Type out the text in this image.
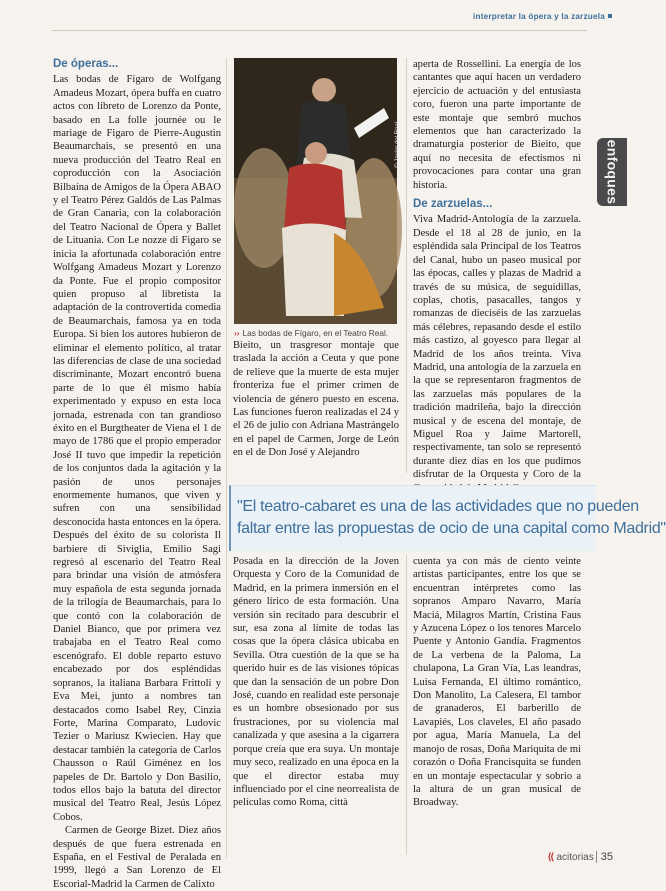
interpretar la ópera y la zarzuela
enfoques
De óperas...

Las bodas de Fígaro de Wolfgang Amadeus Mozart, ópera buffa en cuatro actos con libreto de Lorenzo da Ponte, basado en La folle journée ou le mariage de Figaro de Pierre-Augustin Beaumarchais, se presentó en una nueva producción del Teatro Real en coproducción con la Asociación Bilbaína de Amigos de la Ópera ABAO y el Teatro Pérez Galdós de Las Palmas de Gran Canaria, con la colaboración del Teatro Nacional de Ópera y Ballet de Lituania. Con Le nozze di Figaro se inicia la afortunada colaboración entre Wolfgang Amadeus Mozart y Lorenzo da Ponte. Fue el propio compositor quien propuso al libretista la adaptación de la controvertida comedia de Beaumarchais, famosa ya en toda Europa. Si bien los autores hubieron de eliminar el elemento político, al tratar las diferencias de clase de una sociedad discriminante, Mozart encontró buena parte de lo que él mismo había experimentado y expuso en esta loca jornada, estrenada con tan grandioso éxito en el Burgtheater de Viena el 1 de mayo de 1786 que el propio emperador José II tuvo que impedir la repetición de los conjuntos dada la agitación y la pasión de unos personajes enormemente humanos, que viven y sufren con una sensibilidad desconocida hasta entonces en la ópera. Después del éxito de su colorista Il barbiere di Siviglia, Emilio Sagi regresó al escenario del Teatro Real para brindar una visión de atmósfera muy española de esta segunda jornada de la trilogía de Beaumarchais, para lo que contó con la colaboración de Daniel Bianco, que por primera vez trabajaba en el Teatro Real como escenógrafo. El doble reparto estuvo encabezado por dos espléndidas sopranos, la italiana Barbara Frittoli y Eva Mei, junto a nombres tan destacados como Isabel Rey, Cinzia Forte, Marina Comparato, Ludovic Tezier o Mariusz Kwiecien. Hay que destacar también la categoría de Carlos Chausson o Raúl Giménez en los papeles de Dr. Bartolo y Don Basilio, todos ellos bajo la batuta del director musical del Teatro Real, Jesús López Cobos.

Carmen de George Bizet. Diez años después de que fuera estrenada en España, en el Festival de Peralada en 1999, llegó a San Lorenzo de El Escorial-Madrid la Carmen de Calixto

© Javier del Real
›› Las bodas de Fígaro, en el Teatro Real.

Bieito, un trasgresor montaje que traslada la acción a Ceuta y que pone de relieve que la muerte de esta mujer fronteriza fue el primer crimen de violencia de género puesto en escena. Las funciones fueron realizadas el 24 y el 26 de julio con Adriana Mastrángelo en el papel de Carmen, Jorge de León en el de Don José y Alejandro

aperta de Rossellini. La energía de los cantantes que aquí hacen un verdadero ejercicio de actuación y del entusiasta coro, fueron una parte importante de este montaje que sembró muchos elementos que han caracterizado la dramaturgia posterior de Bieito, que aquí no necesita de efectismos ni provocaciones para contar una gran historia.

De zarzuelas...

Viva Madrid-Antología de la zarzuela. Desde el 18 al 28 de junio, en la espléndida sala Principal de los Teatros del Canal, hubo un paseo musical por las épocas, calles y plazas de Madrid a través de su música, de seguidillas, coplas, chotis, pasacalles, tangos y romanzas de dieciséis de las zarzuelas más célebres, repasando desde el estilo más castizo, al goyesco para llegar al Madrid de los años treinta. Viva Madrid, una antología de la zarzuela en la que se representaron fragmentos de las zarzuelas más populares de la tradición madrileña, bajo la dirección musical y de escena del montaje, de Miguel Roa y Jaime Martorell, respectivamente, tan solo se representó durante diez días en los que pudimos disfrutar de la Orquesta y Coro de la

"El teatro-cabaret es una de las actividades que no pueden
faltar entre las propuestas de ocio de una capital como Madrid"

Posada en la dirección de la Joven Orquesta y Coro de la Comunidad de Madrid, en la primera inmersión en el género lírico de esta formación. Una versión sin recitado para descubrir el sur, esa zona al límite de todas las cosas que la ópera clásica ubicaba en Sevilla. Otra cuestión de la que se ha querido huir es de las visiones tópicas que dan la sensación de un pobre Don José, cuando en realidad este personaje es un hombre obsesionado por sus frustraciones, por su violencia mal canalizada y que asesina a la cigarrera porque creía que era suya. Un montaje muy seco, realizado en una época en la que el director estaba muy influenciado por el cine neorrealista de películas como Roma, città

cuenta ya con más de ciento veinte artistas participantes, entre los que se encuentran intérpretes como las sopranos Amparo Navarro, María Maciá, Milagros Martín, Cristina Faus y Azucena López o los tenores Marcelo Puente y Antonio Gandía. Fragmentos de La verbena de la Paloma, La chulapona, La Gran Vía, Las leandras, Luisa Fernanda, El último romántico, Don Manolito, La Calesera, El tambor de granaderos, El barberillo de Lavapiés, Los claveles, El año pasado por agua, María Manuela, La del manojo de rosas, Doña Mariquita de mi corazón o Doña Francisquita se funden en un montaje espectacular y sobrio a la altura de un gran musical de Broadway.

⟪ acitorias 35
